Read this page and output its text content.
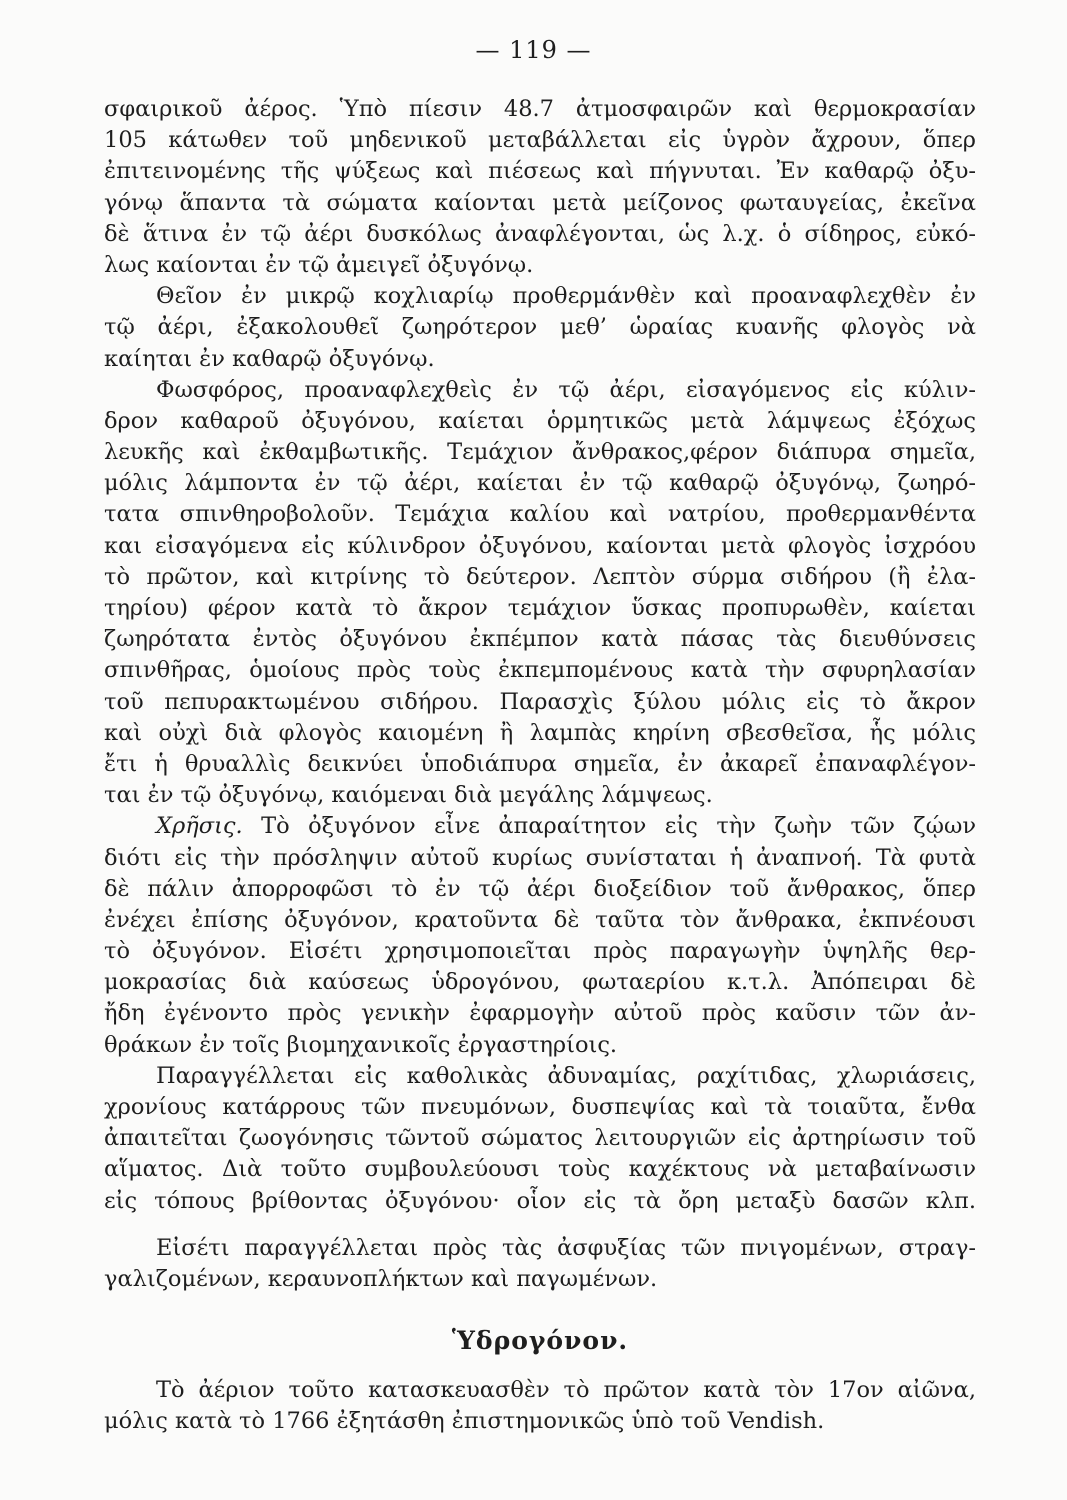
— 119 —
σφαιρικοῦ ἀέρος. Ὑπὸ πίεσιν 48.7 ἀτμοσφαιρῶν καὶ θερμοκρασίαν
105 κάτωθεν τοῦ μηδενικοῦ μεταβάλλεται εἰς ὑγρὸν ἄχρουν, ὅπερ
ἐπιτεινομένης τῆς ψύξεως καὶ πιέσεως καὶ πήγνυται. Ἐν καθαρῷ ὀξυ-
γόνῳ ἅπαντα τὰ σώματα καίονται μετὰ μείζονος φωταυγείας, ἐκεῖνα
δὲ ἅτινα ἐν τῷ ἀέρι δυσκόλως ἀναφλέγονται, ὡς λ.χ. ὁ σίδηρος, εὐκό-
λως καίονται ἐν τῷ ἀμειγεῖ ὀξυγόνῳ.
Θεῖον ἐν μικρῷ κοχλιαρίῳ προθερμάνθὲν καὶ προαναφλεχθὲν ἐν
τῷ ἀέρι, ἐξακολουθεῖ ζωηρότερον μεθ’ ὡραίας κυανῆς φλογὸς νὰ
καίηται ἐν καθαρῷ ὀξυγόνῳ.
Φωσφόρος, προαναφλεχθεὶς ἐν τῷ ἀέρι, εἰσαγόμενος εἰς κύλιν-
δρον καθαροῦ ὀξυγόνου, καίεται ὁρμητικῶς μετὰ λάμψεως ἐξόχως
λευκῆς καὶ ἐκθαμβωτικῆς. Τεμάχιον ἄνθρακος,φέρον διάπυρα σημεῖα,
μόλις λάμποντα ἐν τῷ ἀέρι, καίεται ἐν τῷ καθαρῷ ὀξυγόνῳ, ζωηρό-
τατα σπινθηροβολοῦν. Τεμάχια καλίου καὶ νατρίου, προθερμανθέντα
και εἰσαγόμενα εἰς κύλινδρον ὀξυγόνου, καίονται μετὰ φλογὸς ἰσχρόου
τὸ πρῶτον, καὶ κιτρίνης τὸ δεύτερον. Λεπτὸν σύρμα σιδήρου (ἢ ἐλα-
τηρίου) φέρον κατὰ τὸ ἄκρον τεμάχιον ὕσκας προπυρωθὲν, καίεται
ζωηρότατα ἐντὸς ὀξυγόνου ἐκπέμπον κατὰ πάσας τὰς διευθύνσεις
σπινθῆρας, ὁμοίους πρὸς τοὺς ἐκπεμπομένους κατὰ τὴν σφυρηλασίαν
τοῦ πεπυρακτωμένου σιδήρου. Παρασχὶς ξύλου μόλις εἰς τὸ ἄκρον
καὶ οὐχὶ διὰ φλογὸς καιομένη ἢ λαμπὰς κηρίνη σβεσθεῖσα, ἧς μόλις
ἔτι ἡ θρυαλλὶς δεικνύει ὑποδιάπυρα σημεῖα, ἐν ἀκαρεῖ ἐπαναφλέγον-
ται ἐν τῷ ὀξυγόνῳ, καιόμεναι διὰ μεγάλης λάμψεως.
Χρῆσις. Τὸ ὀξυγόνον εἶνε ἀπαραίτητον εἰς τὴν ζωὴν τῶν ζῴων
διότι εἰς τὴν πρόσληψιν αὐτοῦ κυρίως συνίσταται ἡ ἀναπνοή. Τὰ φυτὰ
δὲ πάλιν ἀπορροφῶσι τὸ ἐν τῷ ἀέρι διοξείδιον τοῦ ἄνθρακος, ὅπερ
ἐνέχει ἐπίσης ὀξυγόνον, κρατοῦντα δὲ ταῦτα τὸν ἄνθρακα, ἐκπνέουσι
τὸ ὀξυγόνον. Εἰσέτι χρησιμοποιεῖται πρὸς παραγωγὴν ὑψηλῆς θερ-
μοκρασίας διὰ καύσεως ὑδρογόνου, φωταερίου κ.τ.λ. Ἀπόπειραι δὲ
ἤδη ἐγένοντο πρὸς γενικὴν ἐφαρμογὴν αὐτοῦ πρὸς καῦσιν τῶν ἀν-
θράκων ἐν τοῖς βιομηχανικοῖς ἐργαστηρίοις.
Παραγγέλλεται εἰς καθολικὰς ἀδυναμίας, ραχίτιδας, χλωριάσεις,
χρονίους κατάρρους τῶν πνευμόνων, δυσπεψίας καὶ τὰ τοιαῦτα, ἔνθα
ἀπαιτεῖται ζωογόνησις τῶντοῦ σώματος λειτουργιῶν εἰς ἀρτηρίωσιν τοῦ
αἵματος. Διὰ τοῦτο συμβουλεύουσι τοὺς καχέκτους νὰ μεταβαίνωσιν
εἰς τόπους βρίθοντας ὀξυγόνου· οἷον εἰς τὰ ὄρη μεταξὺ δασῶν κλπ.
Εἰσέτι παραγγέλλεται πρὸς τὰς ἀσφυξίας τῶν πνιγομένων, στραγ-
γαλιζομένων, κεραυνοπλήκτων καὶ παγωμένων.
Ὑδρογόνον.
Τὸ ἀέριον τοῦτο κατασκευασθὲν τὸ πρῶτον κατὰ τὸν 17ον αἰῶνα,
μόλις κατὰ τὸ 1766 ἐξητάσθη ἐπιστημονικῶς ὑπὸ τοῦ Vendish.
